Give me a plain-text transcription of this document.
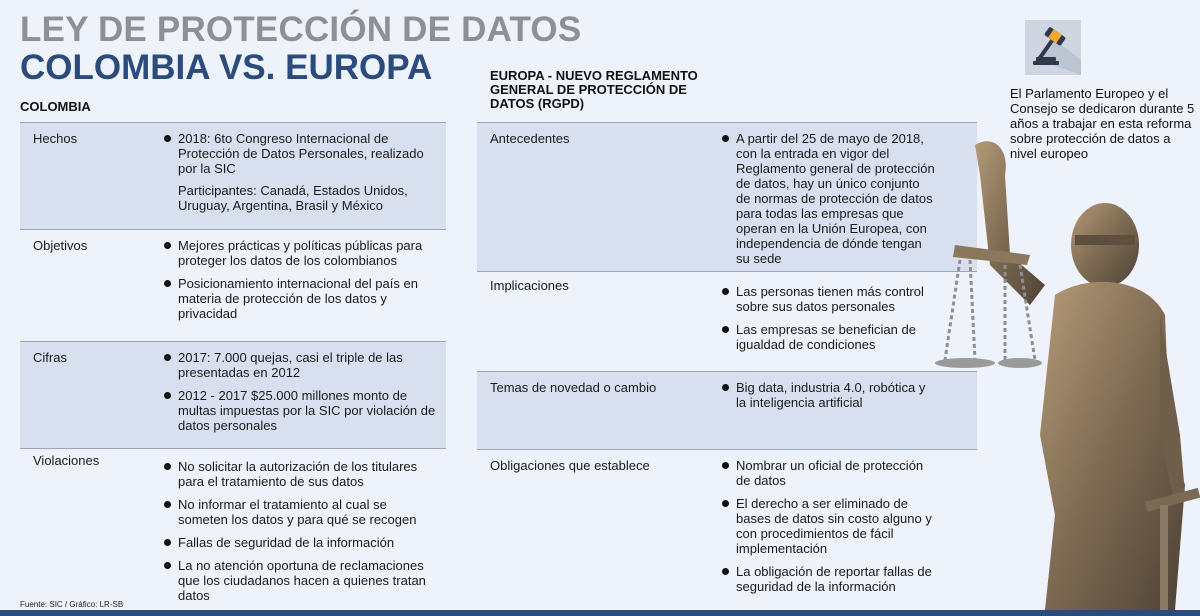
LEY DE PROTECCIÓN DE DATOS
COLOMBIA VS. EUROPA
COLOMBIA
Hechos	2018: 6to Congreso Internacional de Protección de Datos Personales, realizado por la SIC
Participantes: Canadá, Estados Unidos, Uruguay, Argentina, Brasil y México
Objetivos	Mejores prácticas y políticas públicas para proteger los datos de los colombianos
Posicionamiento internacional del país en materia de protección de los datos y privacidad
Cifras	2017: 7.000 quejas, casi el triple de las presentadas en 2012
2012 - 2017 $25.000 millones monto de multas impuestas por la SIC por violación de datos personales
Violaciones	No solicitar la autorización de los titulares para el tratamiento de sus datos
No informar el tratamiento al cual se someten los datos y para qué se recogen
Fallas de seguridad de la información
La no atención oportuna de reclamaciones que los ciudadanos hacen a quienes tratan datos
EUROPA - NUEVO REGLAMENTO GENERAL DE PROTECCIÓN DE DATOS (RGPD)
Antecedentes	A partir del 25 de mayo de 2018, con la entrada en vigor del Reglamento general de protección de datos, hay un único conjunto de normas de protección de datos para todas las empresas que operan en la Unión Europea, con independencia de dónde tengan su sede
Implicaciones	Las personas tienen más control sobre sus datos personales
Las empresas se benefician de igualdad de condiciones
Temas de novedad o cambio	Big data, industria 4.0, robótica y la inteligencia artificial
Obligaciones que establece	Nombrar un oficial de protección de datos
El derecho a ser eliminado de bases de datos sin costo alguno y con procedimientos de fácil implementación
La obligación de reportar fallas de seguridad de la información
El Parlamento Europeo y el Consejo se dedicaron durante 5 años a trabajar en esta reforma sobre protección de datos a nivel europeo
Fuente: SIC / Gráfico: LR-SB
